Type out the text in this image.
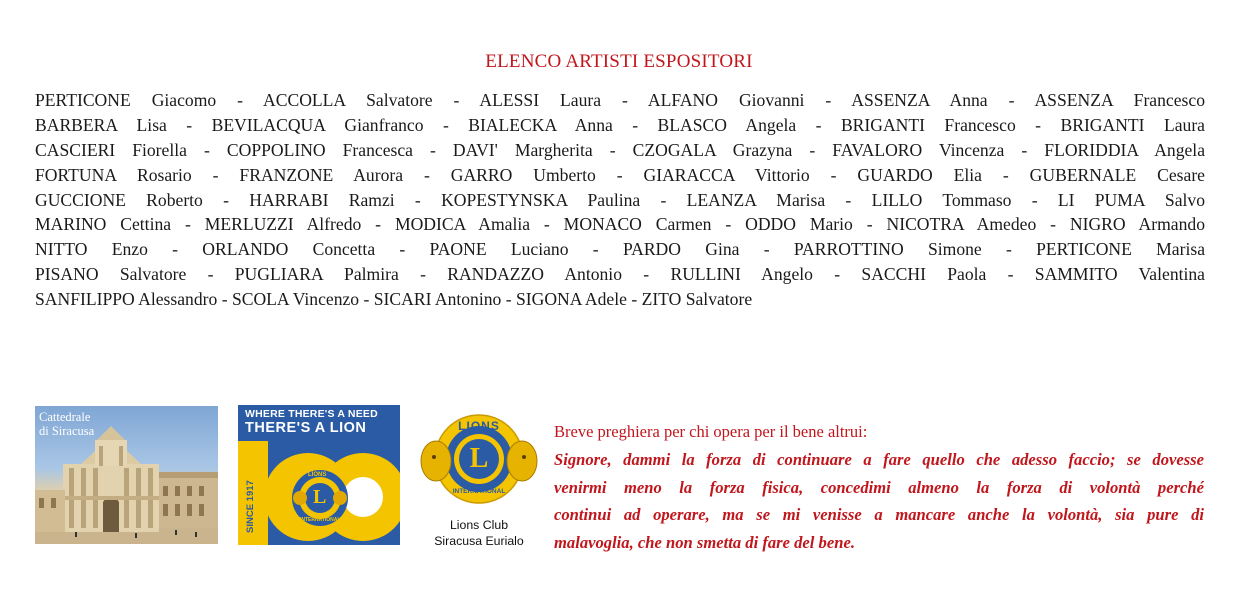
ELENCO ARTISTI ESPOSITORI
PERTICONE Giacomo - ACCOLLA Salvatore - ALESSI Laura - ALFANO Giovanni - ASSENZA Anna - ASSENZA Francesco
BARBERA Lisa - BEVILACQUA Gianfranco - BIALECKA Anna - BLASCO Angela - BRIGANTI Francesco - BRIGANTI Laura
CASCIERI Fiorella - COPPOLINO Francesca - DAVI' Margherita - CZOGALA Grazyna - FAVALORO Vincenza - FLORIDDIA Angela
FORTUNA Rosario - FRANZONE Aurora - GARRO Umberto - GIARACCA Vittorio - GUARDO Elia - GUBERNALE Cesare
GUCCIONE Roberto - HARRABI Ramzi - KOPESTYNSKA Paulina - LEANZA Marisa - LILLO Tommaso - LI PUMA Salvo
MARINO Cettina - MERLUZZI Alfredo - MODICA Amalia - MONACO Carmen - ODDO Mario - NICOTRA Amedeo - NIGRO Armando
NITTO Enzo - ORLANDO Concetta - PAONE Luciano - PARDO Gina - PARROTTINO Simone - PERTICONE Marisa
PISANO Salvatore - PUGLIARA Palmira - RANDAZZO Antonio - RULLINI Angelo - SACCHI Paola - SAMMITO Valentina
SANFILIPPO Alessandro - SCOLA Vincenzo - SICARI Antonino - SIGONA Adele - ZITO Salvatore
Cattedrale
di Siracusa
WHERE THERE'S A NEED
THERE'S A LION
SINCE 1917
LIONS
L
INTERNATIONAL
LIONS
L
INTERNATIONAL
Lions Club
Siracusa Eurialo
Breve preghiera per chi opera per il bene altrui:
Signore, dammi la forza di continuare a fare quello che adesso faccio; se dovesse
venirmi meno la forza fisica, concedimi almeno la forza di volontà perché
continui ad operare, ma se mi venisse a mancare anche la volontà, sia pure di
malavoglia, che non smetta di fare del bene.
